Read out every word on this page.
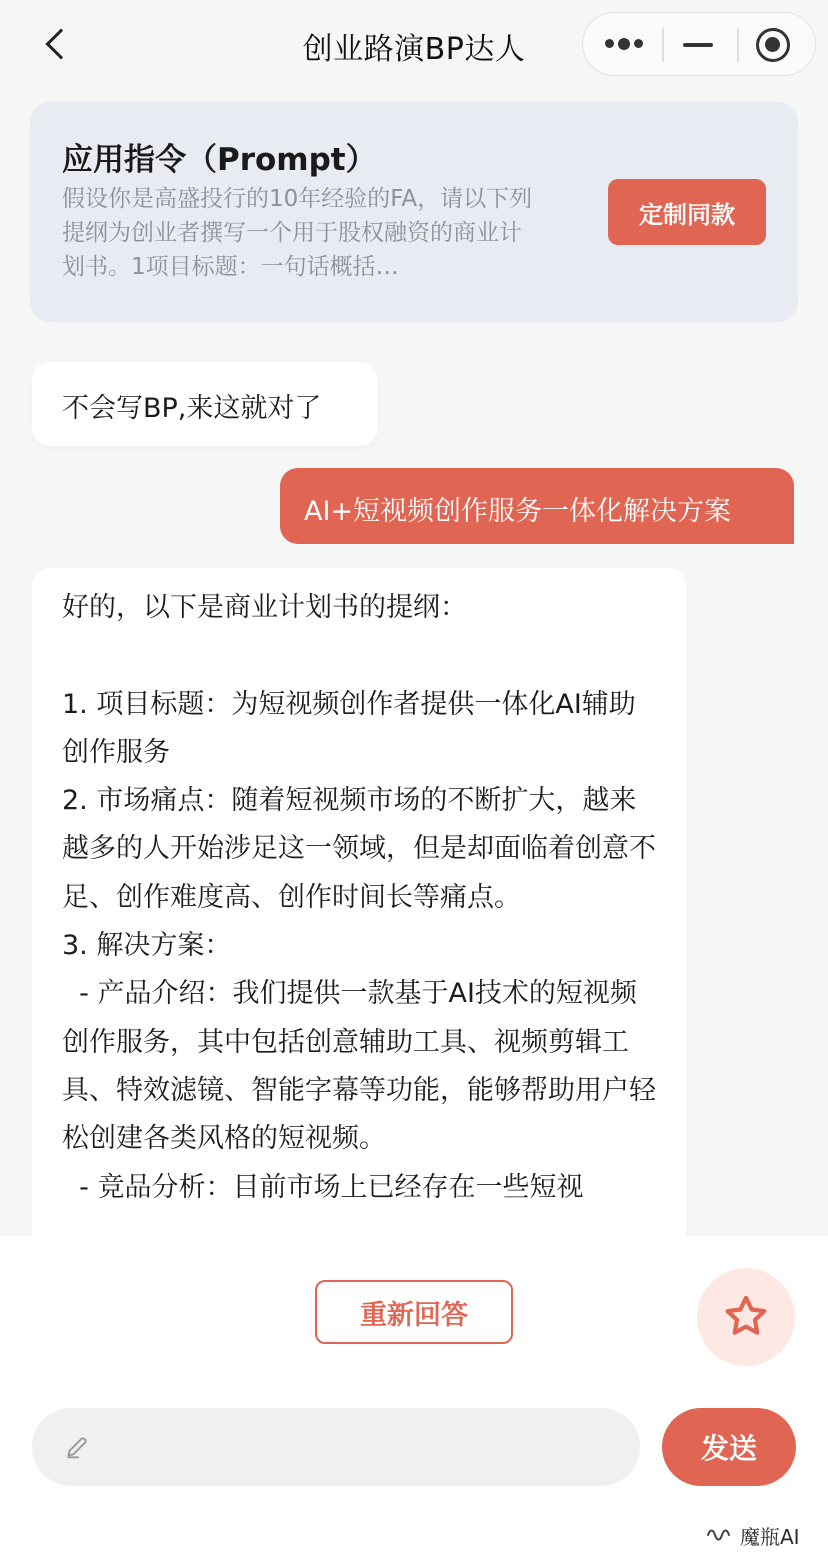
创业路演BP达人
应用指令（Prompt）
假设你是高盛投行的10年经验的FA，请以下列提纲为创业者撰写一个用于股权融资的商业计划书。1项目标题：一句话概括…
定制同款
不会写BP,来这就对了
AI+短视频创作服务一体化解决方案
好的，以下是商业计划书的提纲：

1. 项目标题：为短视频创作者提供一体化AI辅助创作服务
2. 市场痛点：随着短视频市场的不断扩大，越来越多的人开始涉足这一领域，但是却面临着创意不足、创作难度高、创作时间长等痛点。
3. 解决方案：
- 产品介绍：我们提供一款基于AI技术的短视频创作服务，其中包括创意辅助工具、视频剪辑工具、特效滤镜、智能字幕等功能，能够帮助用户轻松创建各类风格的短视频。
- 竞品分析：目前市场上已经存在一些短视
重新回答
发送
魔瓶AI
